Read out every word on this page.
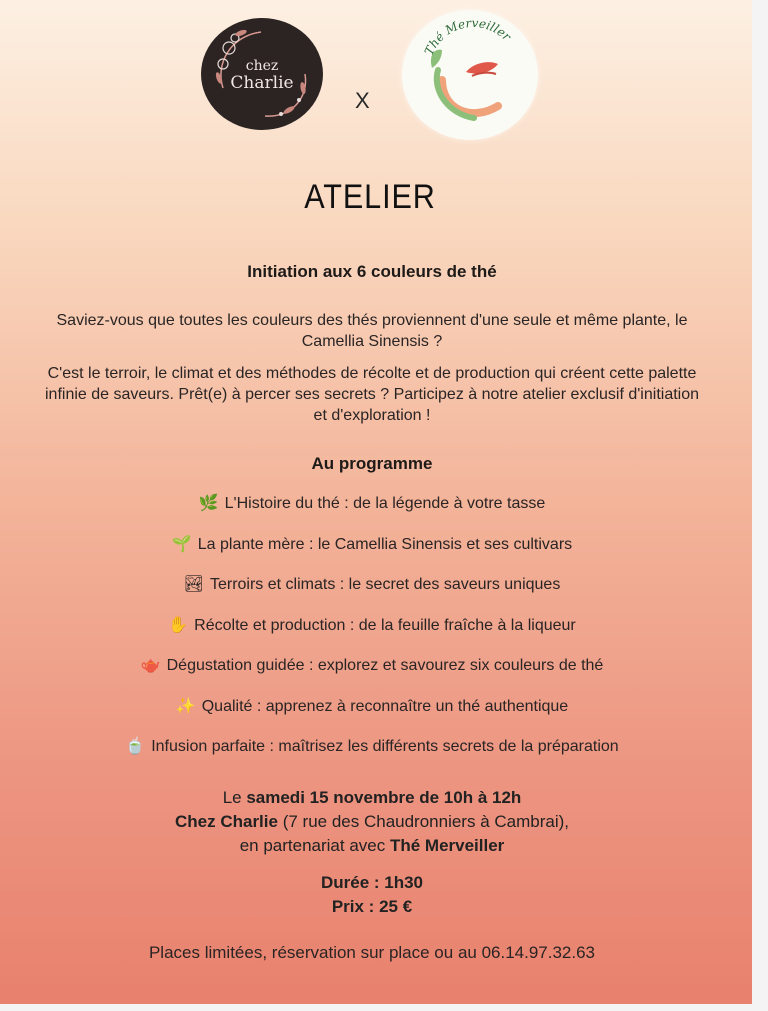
chez
Charlie
X
Thé Merveiller
ATELIER
Initiation aux 6 couleurs de thé
Saviez-vous que toutes les couleurs des thés proviennent d'une seule et même plante, le Camellia Sinensis ?
C'est le terroir, le climat et des méthodes de récolte et de production qui créent cette palette infinie de saveurs. Prêt(e) à percer ses secrets ? Participez à notre atelier exclusif d'initiation et d'exploration !
Au programme
🌿 L'Histoire du thé : de la légende à votre tasse
🌱 La plante mère : le Camellia Sinensis et ses cultivars
🏞 Terroirs et climats : le secret des saveurs uniques
✋ Récolte et production : de la feuille fraîche à la liqueur
🫖 Dégustation guidée : explorez et savourez six couleurs de thé
✨ Qualité : apprenez à reconnaître un thé authentique
🍵 Infusion parfaite : maîtrisez les différents secrets de la préparation
Le samedi 15 novembre de 10h à 12h
Chez Charlie (7 rue des Chaudronniers à Cambrai),
en partenariat avec Thé Merveiller
Durée : 1h30
Prix : 25 €
Places limitées, réservation sur place ou au 06.14.97.32.63
